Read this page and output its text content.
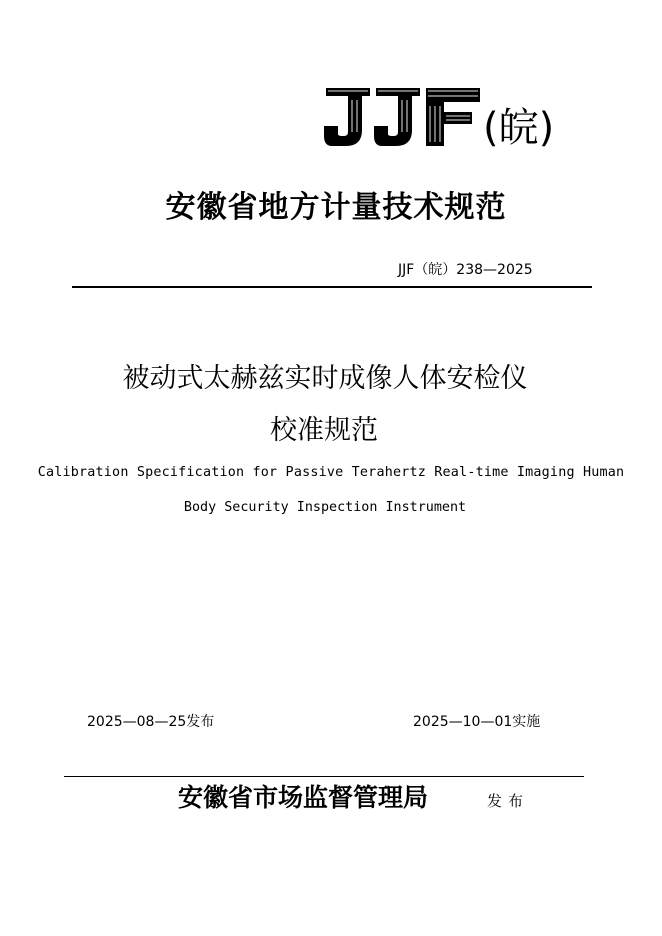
(皖)
安徽省地方计量技术规范
JJF（皖）238—2025
被动式太赫兹实时成像人体安检仪
校准规范
Calibration Specification for Passive Terahertz Real-time Imaging Human
Body Security Inspection Instrument
2025—08—25发布	2025—10—01实施
安徽省市场监督管理局	发布
